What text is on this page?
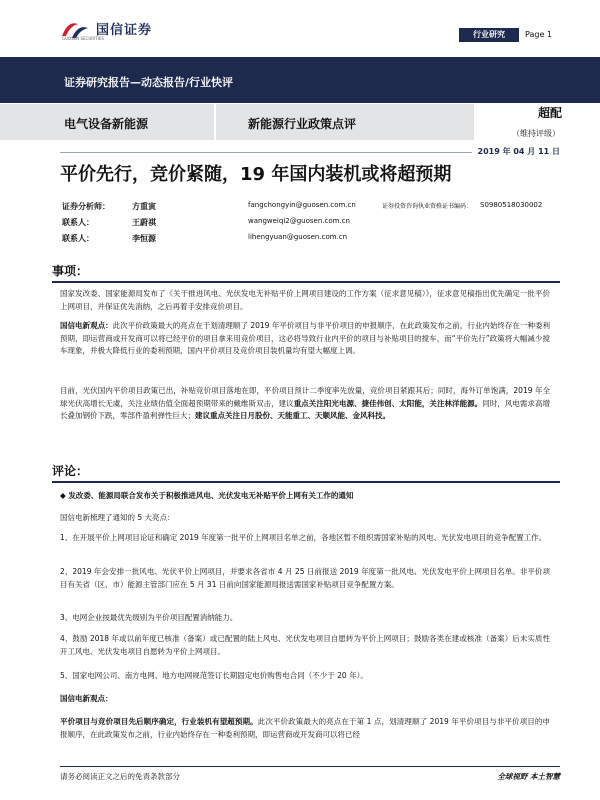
国信证券
GUOSEN SECURITIES	行业研究	Page 1
证券研究报告—动态报告/行业快评
电气设备新能源	新能源行业政策点评
超配
（维持评级）
2019 年 04 月 11 日
平价先行，竞价紧随，19 年国内装机或将超预期
证券分析师：	方重寅	fangchongyin@guosen.com.cn	证券投资咨询执业资格证书编码： S0980518030002
联系人：	王蔚祺	wangweiqi2@guosen.com.cn
联系人：	李恒源	lihengyuan@guosen.com.cn
事项：
国家发改委、国家能源局发布了《关于推进风电、光伏发电无补贴平价上网项目建设的工作方案（征求意见稿）》，征求意见稿指出优先确定一批平价上网项目，并保证优先消纳，之后再着手安排竞价项目。
国信电新观点：此次平价政策最大的亮点在于划清理顺了 2019 年平价项目与非平价项目的申报顺序，在此政策发布之前，行业内始终存在一种委利预期，即运营商或开发商可以将已经平价的项目拿来用竞价项目，这必将导致行业内平价的项目与补贴项目的搅车，而“平价先行”政策将大幅减少搅车现象，并极大降低行业的委利预期，国内平价项目及竞价项目装机量均有望大幅度上调。
目前，光伏国内平价项目政策已出，补贴竞价项目落地在即，平价项目预计二季度率先放量，竞价项目紧跟其后；同时，海外订单饱满，2019 年全球光伏高增长无虞，关注业绩估值全面超预期带来的戴维斯双击，建议重点关注阳光电源、捷佳伟创、太阳能，关注林洋能源。同时，风电需求高增长叠加钢价下跌，零部件盈利弹性巨大；建议重点关注日月股份、天能重工、天顺风能、金风科技。
评论：
◆ 发改委、能源局联合发布关于积极推进风电、光伏发电无补贴平价上网有关工作的通知
国信电新梳理了通知的 5 大亮点：
1、在开展平价上网项目论证和确定 2019 年度第一批平价上网项目名单之前，各地区暂不组织需国家补贴的风电、光伏发电项目的竞争配置工作。
2、2019 年会安排一批风电、光伏平价上网项目，并要求各省市 4 月 25 日前报送 2019 年度第一批风电、光伏发电平价上网项目名单。非平价项目有关省（区、市）能源主管部门应在 5 月 31 日前向国家能源局报送需国家补贴项目竞争配置方案。
3、电网企业按最优先级别为平价项目配置消纳能力。
4、鼓励 2018 年或以前年度已核准（备案）或已配置的陆上风电、光伏发电项目自愿转为平价上网项目；鼓励各类在建或核准（备案）后未实质性开工风电、光伏发电项目自愿转为平价上网项目。
5、国家电网公司、南方电网、地方电网规范签订长期固定电价购售电合同（不少于 20 年）。
国信电新观点：
平价项目与竞价项目先后顺序确定，行业装机有望超预期。此次平价政策最大的亮点在于第 1 点，划清理顺了 2019 年平价项目与非平价项目的申报顺序，在此政策发布之前，行业内始终存在一种委利预期，即运营商或开发商可以将已经
请务必阅读正文之后的免责条款部分	全球视野 本土智慧
